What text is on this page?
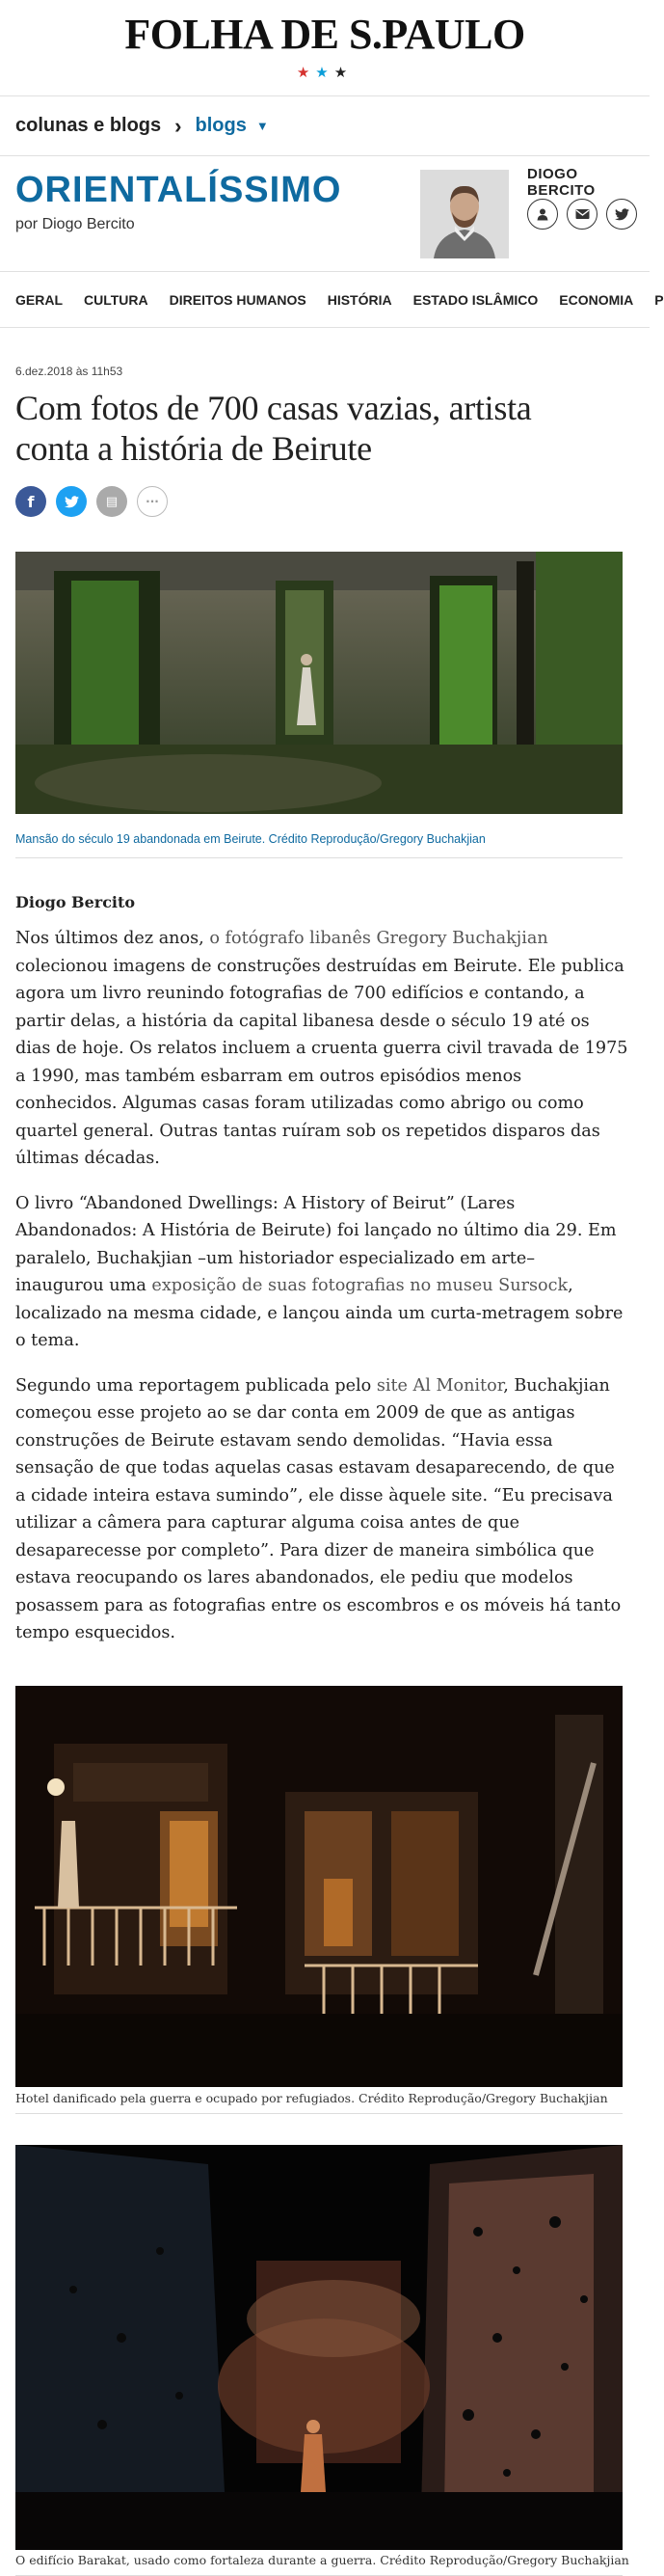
FOLHA DE S.PAULO
★★★
colunas e blogs › blogs ▼
ORIENTALÍSSIMO
por Diogo Bercito
DIOGO BERCITO
GERAL CULTURA DIREITOS HUMANOS HISTÓRIA ESTADO ISLÂMICO ECONOMIA P
6.dez.2018 às 11h53
Com fotos de 700 casas vazias, artista conta a história de Beirute
f	▤ ···
Mansão do século 19 abandonada em Beirute. Crédito Reprodução/Gregory Buchakjian
Diogo Bercito

Nos últimos dez anos, o fotógrafo libanês Gregory Buchakjian colecionou imagens de construções destruídas em Beirute. Ele publica agora um livro reunindo fotografias de 700 edifícios e contando, a partir delas, a história da capital libanesa desde o século 19 até os dias de hoje. Os relatos incluem a cruenta guerra civil travada de 1975 a 1990, mas também esbarram em outros episódios menos conhecidos. Algumas casas foram utilizadas como abrigo ou como quartel general. Outras tantas ruíram sob os repetidos disparos das últimas décadas.

O livro “Abandoned Dwellings: A History of Beirut” (Lares Abandonados: A História de Beirute) foi lançado no último dia 29. Em paralelo, Buchakjian –um historiador especializado em arte– inaugurou uma exposição de suas fotografias no museu Sursock, localizado na mesma cidade, e lançou ainda um curta-metragem sobre o tema.

Segundo uma reportagem publicada pelo site Al Monitor, Buchakjian começou esse projeto ao se dar conta em 2009 de que as antigas construções de Beirute estavam sendo demolidas. “Havia essa sensação de que todas aquelas casas estavam desaparecendo, de que a cidade inteira estava sumindo”, ele disse àquele site. “Eu precisava utilizar a câmera para capturar alguma coisa antes de que desaparecesse por completo”. Para dizer de maneira simbólica que estava reocupando os lares abandonados, ele pediu que modelos posassem para as fotografias entre os escombros e os móveis há tanto tempo esquecidos.

Hotel danificado pela guerra e ocupado por refugiados. Crédito Reprodução/Gregory Buchakjian
O edifício Barakat, usado como fortaleza durante a guerra. Crédito Reprodução/Gregory Buchakjian
